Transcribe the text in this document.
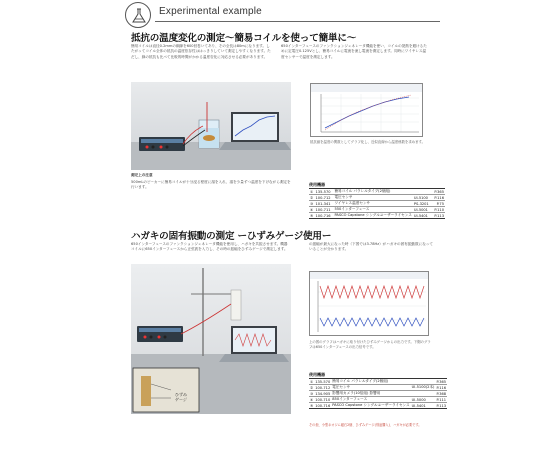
Experimental example
抵抗の温度変化の測定～簡易コイルを使って簡単に～
簡易コイルは直径0.2mmの銅線を600回巻いてあり、その全長は80mになります。したがってコイル全体の抵抗の温度依存性ははっきりしていて測定しやすくなります。ただし、線の抵抗も比べて比較的時間がかかる温度変化に対応させる必要があります。
650インターフェースのファンクションジェネレータ機能を使い、コイルの発熱を避けるために定電圧0.125Vとし、簡易コイルに電流を流し電流を測定します。同時にワイヤレス温度センサーで温度を測定します。
抵抗値を温度の関数としてグラフ化し、近似直線から温度係数を求めます。
測定上の注意
500mLのビーカーに簡易コイルが十分浸る程度に湯を入れ、湯を少量ずつ温度を下げながら測定を行います。
使用機器
①	135-570	簡易コイル パラレルタイプ(2個組)		P.365
②	100-712	電圧センサ	UI-5100	P.116
③	101-341	ワイヤレス温度センサ	PS-3201	P.75
④	100-711	550インターフェース	UI-5001	P.110
⑤	100-716	PASCO Capstone シングルユーザーライセンス	UI-5401	P.113
ハガキの固有振動の測定 ーひずみゲージ使用ー
650インターフェースのファンクションジェネレータ機能を使用し、ハガキを共振させます。機器コイルに650インターフェースから正弦波を入力し、その時の振幅をひずみゲージで測定します。
の振幅が最大になった時（下図では3.78Hz）がハガキの固有振動数になっていることが分かります。
ひずみ
ゲージ
上の図のグラフはハガキに取り付けたひずみゲージからの出力です。下側のグラフは650インターフェースの出力信号です。
使用機器
①	135-570	簡易コイル パラレルタイプ(2個組)		P.365
②	100-712	電圧センサ	UI-5100(2本)	P.116
③	134-905	影響用カメラ(10倍組) 影響用		P.368
④	100-710	850インターフェース	UI-5000	P.111
⑤	100-716	PASCO Capstone シングルユーザーライセンス	UI-5401	P.113
その他、小型ネオジム磁石2個、ひずみゲージ(別途購入)、ハガキが必要です。
